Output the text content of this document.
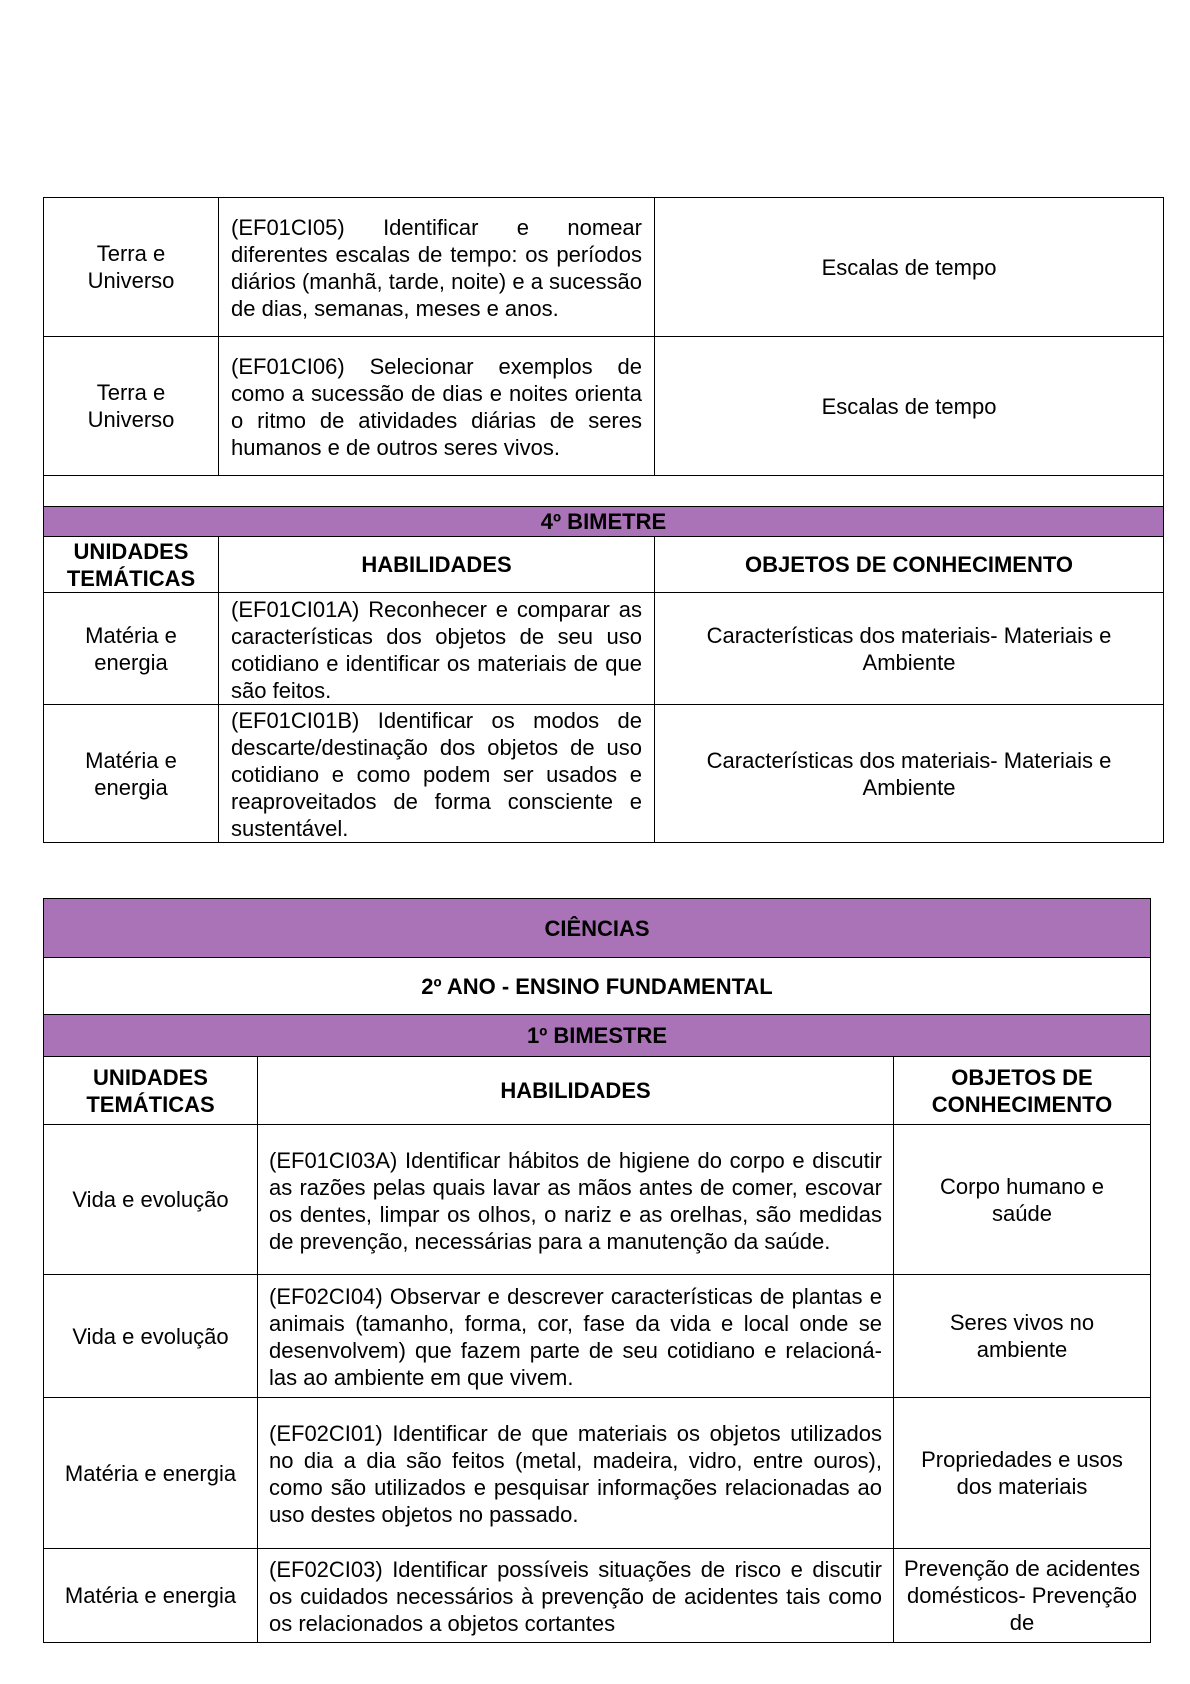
Terra e Universo	(EF01CI05) Identificar e nomear diferentes escalas de tempo: os períodos diários (manhã, tarde, noite) e a sucessão de dias, semanas, meses e anos.	Escalas de tempo
Terra e Universo	(EF01CI06) Selecionar exemplos de como a sucessão de dias e noites orienta o ritmo de atividades diárias de seres humanos e de outros seres vivos.	Escalas de tempo

4º BIMETRE		
UNIDADES TEMÁTICAS	HABILIDADES	OBJETOS DE CONHECIMENTO
Matéria e energia	(EF01CI01A) Reconhecer e comparar as características dos objetos de seu uso cotidiano e identificar os materiais de que são feitos.	Características dos materiais- Materiais e Ambiente
Matéria e energia	(EF01CI01B) Identificar os modos de descarte/destinação dos objetos de uso cotidiano e como podem ser usados e reaproveitados de forma consciente e sustentável.	Características dos materiais- Materiais e Ambiente
CIÊNCIAS		
2º ANO - ENSINO FUNDAMENTAL		
1º BIMESTRE		
UNIDADES TEMÁTICAS	HABILIDADES	OBJETOS DE CONHECIMENTO
Vida e evolução	(EF01CI03A) Identificar hábitos de higiene do corpo e discutir as razões pelas quais lavar as mãos antes de comer, escovar os dentes, limpar os olhos, o nariz e as orelhas, são medidas de prevenção, necessárias para a manutenção da saúde.	Corpo humano e saúde
Vida e evolução	(EF02CI04) Observar e descrever características de plantas e animais (tamanho, forma, cor, fase da vida e local onde se desenvolvem) que fazem parte de seu cotidiano e relacioná-las ao ambiente em que vivem.	Seres vivos no ambiente
Matéria e energia	(EF02CI01) Identificar de que materiais os objetos utilizados no dia a dia são feitos (metal, madeira, vidro, entre ouros), como são utilizados e pesquisar informações relacionadas ao uso destes objetos no passado.	Propriedades e usos dos materiais
Matéria e energia	(EF02CI03) Identificar possíveis situações de risco e discutir os cuidados necessários à prevenção de acidentes tais como os relacionados a objetos cortantes	Prevenção de acidentes domésticos- Prevenção de
